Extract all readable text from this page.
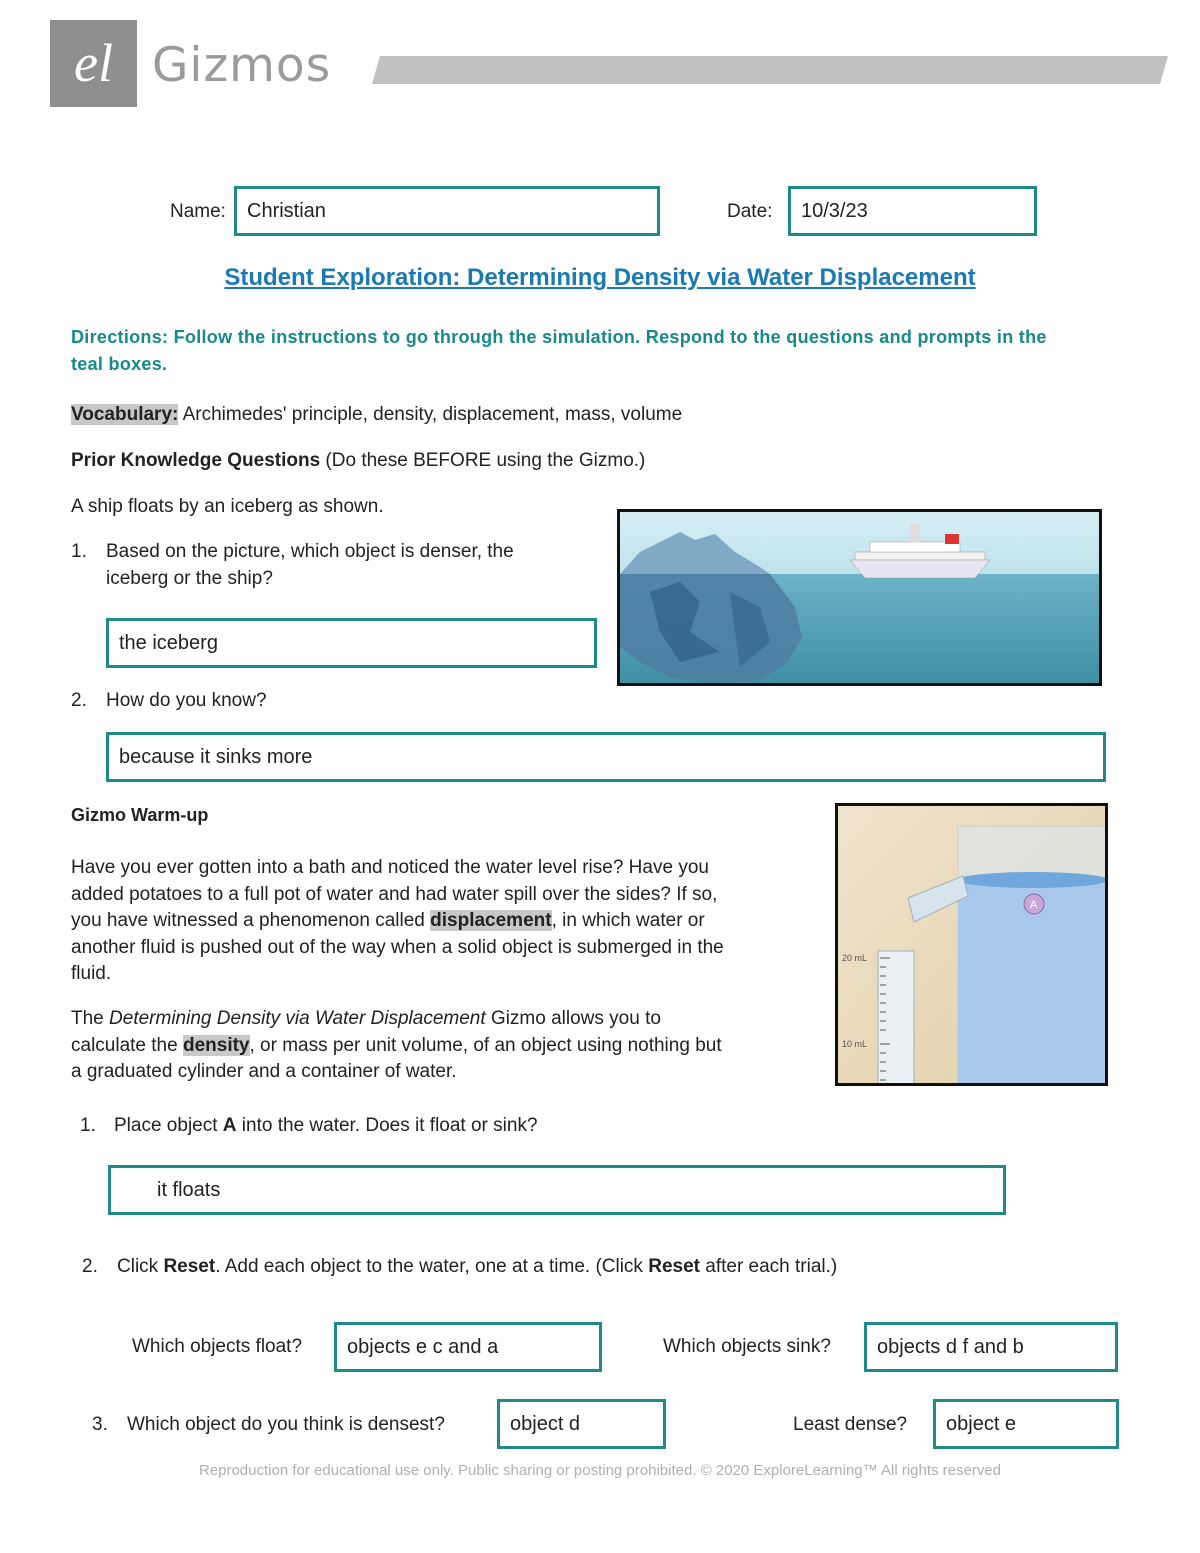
el Gizmos
Name: Christian	Date: 10/3/23
Student Exploration: Determining Density via Water Displacement
Directions: Follow the instructions to go through the simulation. Respond to the questions and prompts in the teal boxes.
Vocabulary: Archimedes' principle, density, displacement, mass, volume
Prior Knowledge Questions (Do these BEFORE using the Gizmo.)
A ship floats by an iceberg as shown.
1. Based on the picture, which object is denser, the
iceberg or the ship?
the iceberg
2. How do you know?
because it sinks more
Gizmo Warm-up
Have you ever gotten into a bath and noticed the water level rise? Have you
added potatoes to a full pot of water and had water spill over the sides? If so,
you have witnessed a phenomenon called displacement, in which water or
another fluid is pushed out of the way when a solid object is submerged in the
fluid.
The Determining Density via Water Displacement Gizmo allows you to
calculate the density, or mass per unit volume, of an object using nothing but
a graduated cylinder and a container of water.
A
20 mL
10 mL
1. Place object A into the water. Does it float or sink?
it floats
2. Click Reset. Add each object to the water, one at a time. (Click Reset after each trial.)
Which objects float? objects e c and a	Which objects sink? objects d f and b
3. Which object do you think is densest?	object d	Least dense? object e
Reproduction for educational use only. Public sharing or posting prohibited. © 2020 ExploreLearning™ All rights reserved
